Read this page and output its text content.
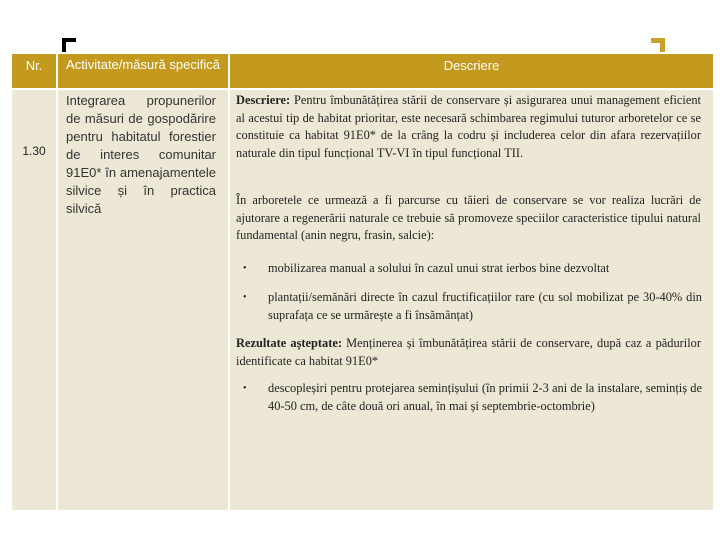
Nr.	Activitate/măsură specifică	Descriere
1.30
Integrarea propunerilor de măsuri de gospodărire pentru habitatul forestier de interes comunitar 91E0* în amenajamentele silvice și în practica silvică
Descriere: Pentru îmbunătățirea stării de conservare și asigurarea unui management eficient al acestui tip de habitat prioritar, este necesară schimbarea regimului tuturor arboretelor ce se constituie ca habitat 91E0* de la crâng la codru și includerea celor din afara rezervațiilor naturale din tipul funcțional TV-VI în tipul funcțional TII.
În arboretele ce urmează a fi parcurse cu tăieri de conservare se vor realiza lucrări de ajutorare a regenerării naturale ce trebuie să promoveze speciilor caracteristice tipului natural fundamental (anin negru, frasin, salcie):
• mobilizarea manual a solului în cazul unui strat ierbos bine dezvoltat
• plantații/semănări directe în cazul fructificațiilor rare (cu sol mobilizat pe 30-40% din suprafața ce se urmărește a fi însămânțat)
Rezultate așteptate: Menținerea și îmbunătățirea stării de conservare, după caz a pădurilor identificate ca habitat 91E0*
• descopleșiri pentru protejarea semințișului (în primii 2-3 ani de la instalare, semințiș de 40-50 cm, de câte două ori anual, în mai și septembrie-octombrie)
